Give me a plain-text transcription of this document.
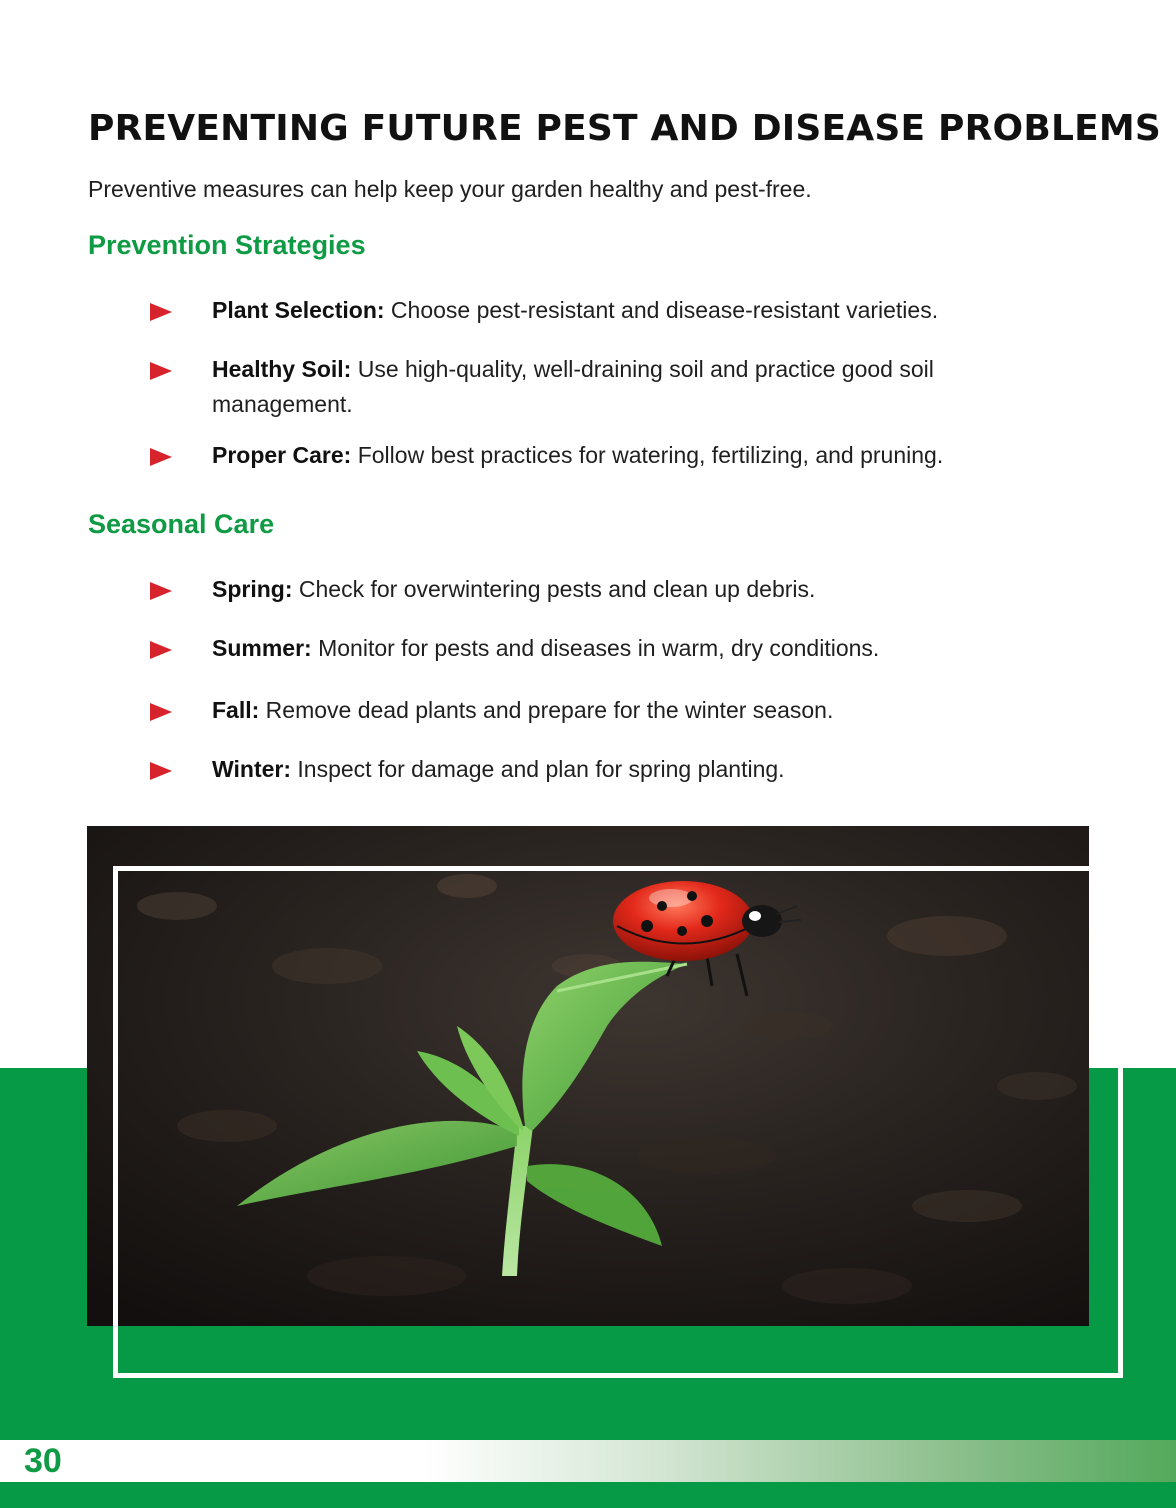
PREVENTING FUTURE PEST AND DISEASE PROBLEMS

Preventive measures can help keep your garden healthy and pest-free.

Prevention Strategies
Plant Selection: Choose pest-resistant and disease-resistant varieties.
Healthy Soil: Use high-quality, well-draining soil and practice good soil management.
Proper Care: Follow best practices for watering, fertilizing, and pruning.
Seasonal Care
Spring: Check for overwintering pests and clean up debris.
Summer: Monitor for pests and diseases in warm, dry conditions.
Fall: Remove dead plants and prepare for the winter season.
Winter: Inspect for damage and plan for spring planting.
30
